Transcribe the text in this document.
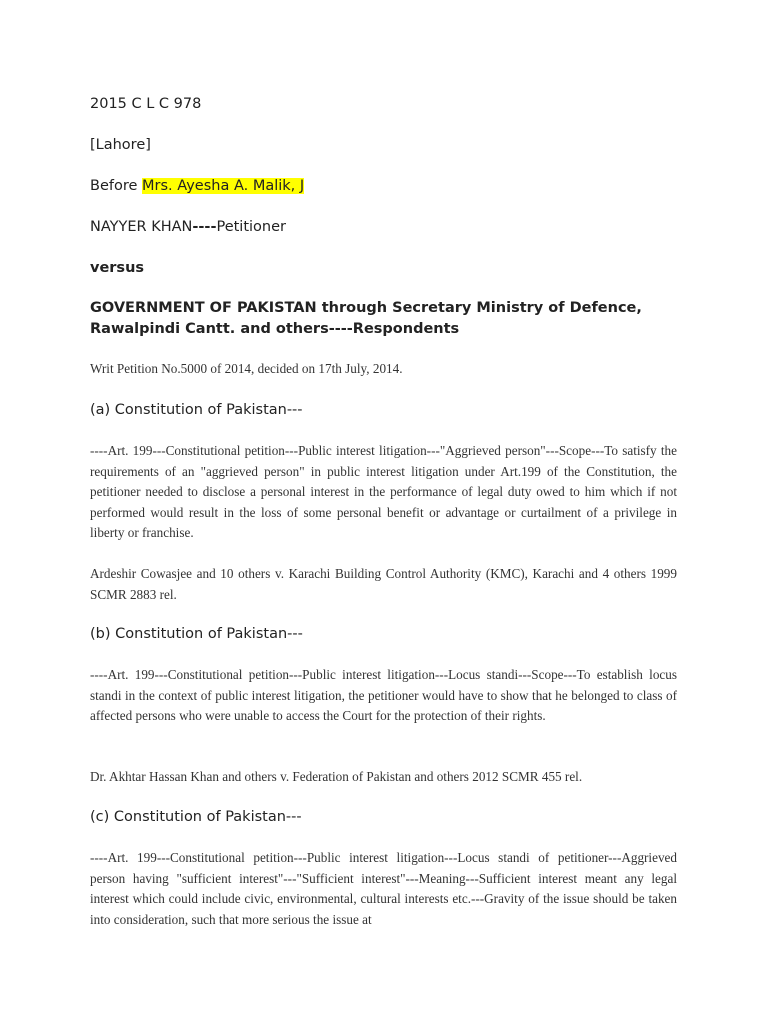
2015 C L C 978

[Lahore]

Before Mrs. Ayesha A. Malik, J

NAYYER KHAN----Petitioner

versus

GOVERNMENT OF PAKISTAN through Secretary Ministry of Defence, Rawalpindi Cantt. and others----Respondents

Writ Petition No.5000 of 2014, decided on 17th July, 2014.

(a) Constitution of Pakistan---

----Art. 199---Constitutional petition---Public interest litigation---"Aggrieved person"---Scope---To satisfy the requirements of an "aggrieved person" in public interest litigation under Art.199 of the Constitution, the petitioner needed to disclose a personal interest in the performance of legal duty owed to him which if not performed would result in the loss of some personal benefit or advantage or curtailment of a privilege in liberty or franchise.

Ardeshir Cowasjee and 10 others v. Karachi Building Control Authority (KMC), Karachi and 4 others 1999 SCMR 2883 rel.

(b) Constitution of Pakistan---

----Art. 199---Constitutional petition---Public interest litigation---Locus standi---Scope---To establish locus standi in the context of public interest litigation, the petitioner would have to show that he belonged to class of affected persons who were unable to access the Court for the protection of their rights.

Dr. Akhtar Hassan Khan and others v. Federation of Pakistan and others 2012 SCMR 455 rel.

(c) Constitution of Pakistan---

----Art. 199---Constitutional petition---Public interest litigation---Locus standi of petitioner---Aggrieved person having "sufficient interest"---"Sufficient interest"---Meaning---Sufficient interest meant any legal interest which could include civic, environmental, cultural interests etc.---Gravity of the issue should be taken into consideration, such that more serious the issue at
